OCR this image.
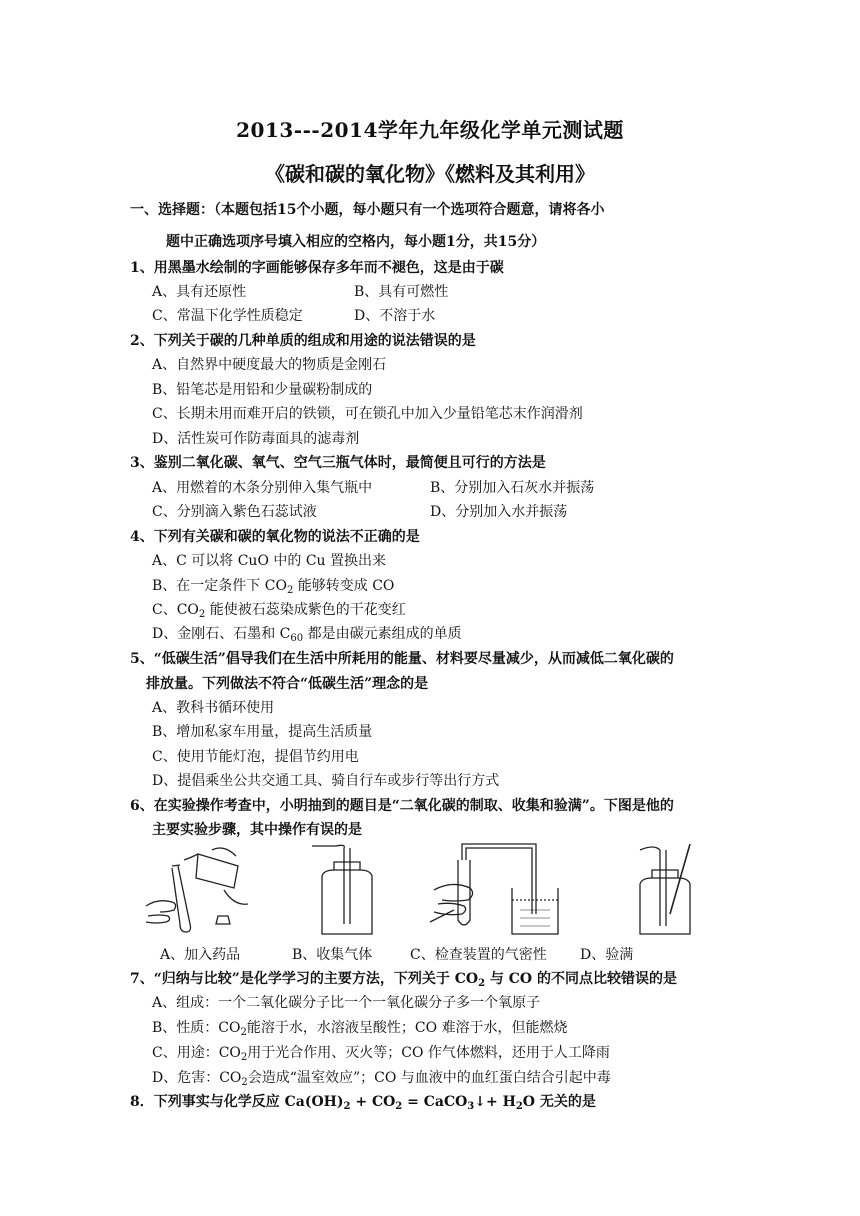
2013---2014学年九年级化学单元测试题
《碳和碳的氧化物》《燃料及其利用》
一、选择题：（本题包括15个小题，每小题只有一个选项符合题意，请将各小
题中正确选项序号填入相应的空格内，每小题1分，共15分）
1、用黑墨水绘制的字画能够保存多年而不褪色，这是由于碳
A、具有还原性	B、具有可燃性
C、常温下化学性质稳定	D、不溶于水
2、下列关于碳的几种单质的组成和用途的说法错误的是
A、自然界中硬度最大的物质是金刚石
B、铅笔芯是用铅和少量碳粉制成的
C、长期未用而难开启的铁锁，可在锁孔中加入少量铅笔芯末作润滑剂
D、活性炭可作防毒面具的滤毒剂
3、鉴别二氧化碳、氧气、空气三瓶气体时，最简便且可行的方法是
A、用燃着的木条分别伸入集气瓶中	B、分别加入石灰水并振荡
C、分别滴入紫色石蕊试液	D、分别加入水并振荡
4、下列有关碳和碳的氧化物的说法不正确的是
A、C 可以将 CuO 中的 Cu 置换出来
B、在一定条件下 $CO_2$ 能够转变成 CO
C、$CO_2$ 能使被石蕊染成紫色的干花变红
D、金刚石、石墨和 $C_{60}$ 都是由碳元素组成的单质
5、“低碳生活”倡导我们在生活中所耗用的能量、材料要尽量减少，从而减低二氧化碳的
排放量。下列做法不符合“低碳生活”理念的是
A、教科书循环使用
B、增加私家车用量，提高生活质量
C、使用节能灯泡，提倡节约用电
D、提倡乘坐公共交通工具、骑自行车或步行等出行方式
6、在实验操作考查中，小明抽到的题目是“二氧化碳的制取、收集和验满”。下图是他的
主要实验步骤，其中操作有误的是
A、加入药品	B、收集气体	C、检查装置的气密性 D、验满
7、“归纳与比较”是化学学习的主要方法，下列关于 $CO_2$ 与 CO 的不同点比较错误的是
A、组成：一个二氧化碳分子比一个一氧化碳分子多一个氧原子
B、性质：$CO_2$能溶于水，水溶液呈酸性；CO 难溶于水，但能燃烧
C、用途：$CO_2$用于光合作用、灭火等；CO 作气体燃料，还用于人工降雨
D、危害：$CO_2$会造成“温室效应”；CO 与血液中的血红蛋白结合引起中毒
8．下列事实与化学反应 $Ca(OH)_2 + CO_2$ = CaCO$_3$↓+ $H_2O$ 无关的是
